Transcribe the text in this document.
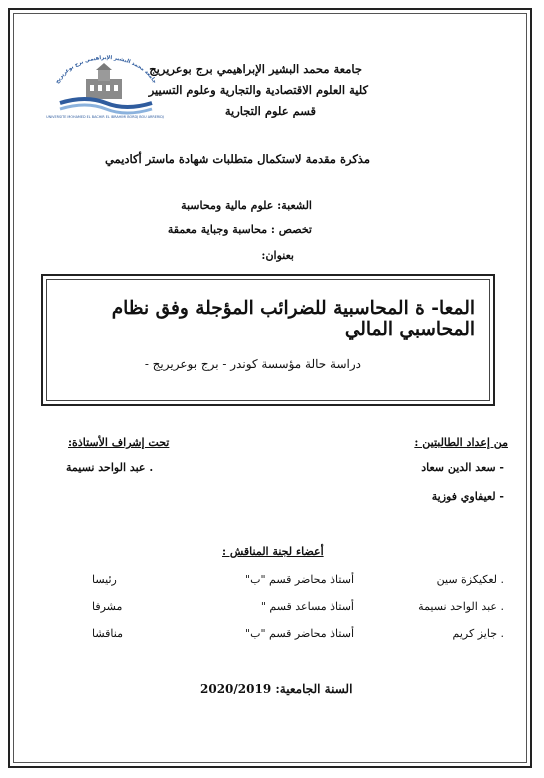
جامعة محمد البشير الإبراهيمي برج بوعريريج
UNIVERSITE MOHAMED EL BACHIR EL IBRAHIMI BORDJ BOU ARRERIDJ
جامعة محمد البشير الإبراهيمي برج بوعريريج
كلية العلوم الاقتصادية والتجارية وعلوم التسيير
قسم علوم التجارية
مذكرة مقدمة لاستكمال متطلبات شهادة ماستر أكاديمي
الشعبة: علوم مالية ومحاسبة
تخصص : محاسبة وجباية معمقة
بعنوان:
المعا- ة المحاسبية للضرائب المؤجلة وفق نظام المحاسبي المالي
دراسة حالة مؤسسة كوندر - برج بوعريريج -
من إعداد الطالبتين :
- سعد الدين سعاد
- لعيفاوي فوزية
تحت إشراف الأستاذة:
. عبد الواحد نسيمة
أعضاء لجنة المناقش :
. لعكيكزة سين
أستاذ محاضر قسم "ب"
رئيسا
. عبد الواحد نسيمة
أستاذ مساعد قسم "
مشرفا
. جايز كريم
أستاذ محاضر قسم "ب"
مناقشا
2020/2019 السنة الجامعية:
